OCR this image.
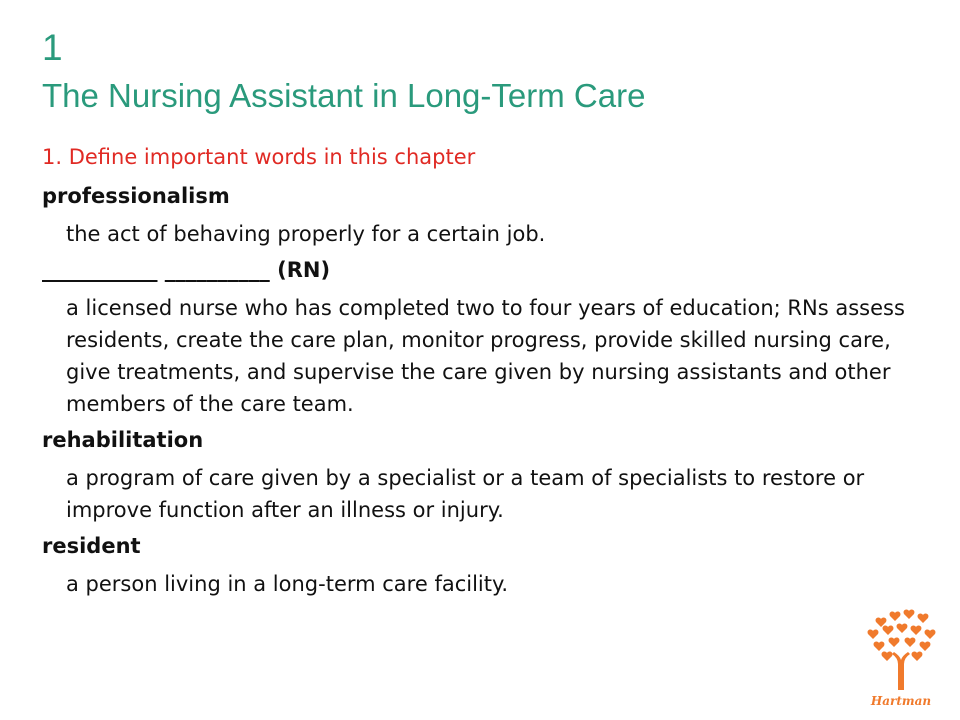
1
The Nursing Assistant in Long-Term Care
1. Define important words in this chapter
professionalism
the act of behaving properly for a certain job.
___________ __________ (RN)
a licensed nurse who has completed two to four years of education; RNs assess residents, create the care plan, monitor progress, provide skilled nursing care, give treatments, and supervise the care given by nursing assistants and other members of the care team.
rehabilitation
a program of care given by a specialist or a team of specialists to restore or improve function after an illness or injury.
resident
a person living in a long-term care facility.
Hartman
